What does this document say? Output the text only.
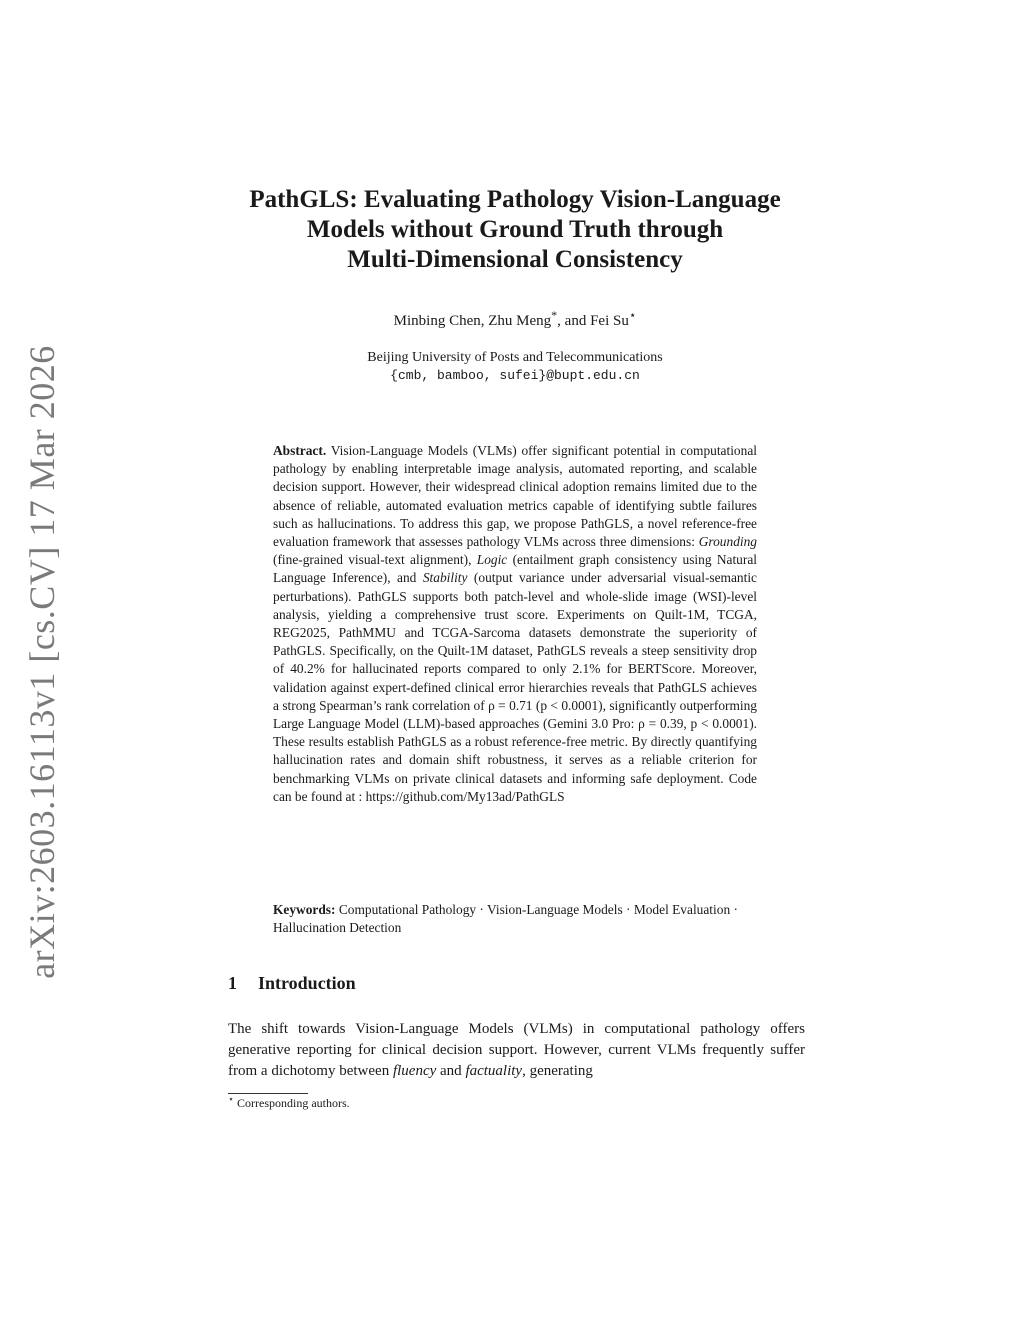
arXiv:2603.16113v1 [cs.CV] 17 Mar 2026
PathGLS: Evaluating Pathology Vision-Language
Models without Ground Truth through
Multi-Dimensional Consistency

Minbing Chen, Zhu Meng*, and Fei Su⋆

Beijing University of Posts and Telecommunications
{cmb, bamboo, sufei}@bupt.edu.cn

Abstract. Vision-Language Models (VLMs) offer significant potential in computational pathology by enabling interpretable image analysis, automated reporting, and scalable decision support. However, their widespread clinical adoption remains limited due to the absence of reliable, automated evaluation metrics capable of identifying subtle failures such as hallucinations. To address this gap, we propose PathGLS, a novel reference-free evaluation framework that assesses pathology VLMs across three dimensions: Grounding (fine-grained visual-text alignment), Logic (entailment graph consistency using Natural Language Inference), and Stability (output variance under adversarial visual-semantic perturbations). PathGLS supports both patch-level and whole-slide image (WSI)-level analysis, yielding a comprehensive trust score. Experiments on Quilt-1M, TCGA, REG2025, PathMMU and TCGA-Sarcoma datasets demonstrate the superiority of PathGLS. Specifically, on the Quilt-1M dataset, PathGLS reveals a steep sensitivity drop of 40.2% for hallucinated reports compared to only 2.1% for BERTScore. Moreover, validation against expert-defined clinical error hierarchies reveals that PathGLS achieves a strong Spearman’s rank correlation of ρ = 0.71 (p < 0.0001), significantly outperforming Large Language Model (LLM)-based approaches (Gemini 3.0 Pro: ρ = 0.39, p < 0.0001). These results establish PathGLS as a robust reference-free metric. By directly quantifying hallucination rates and domain shift robustness, it serves as a reliable criterion for benchmarking VLMs on private clinical datasets and informing safe deployment. Code can be found at : https://github.com/My13ad/PathGLS

Keywords: Computational Pathology · Vision-Language Models · Model Evaluation · Hallucination Detection

1 Introduction

The shift towards Vision-Language Models (VLMs) in computational pathology offers generative reporting for clinical decision support. However, current VLMs frequently suffer from a dichotomy between fluency and factuality, generating

⋆ Corresponding authors.
